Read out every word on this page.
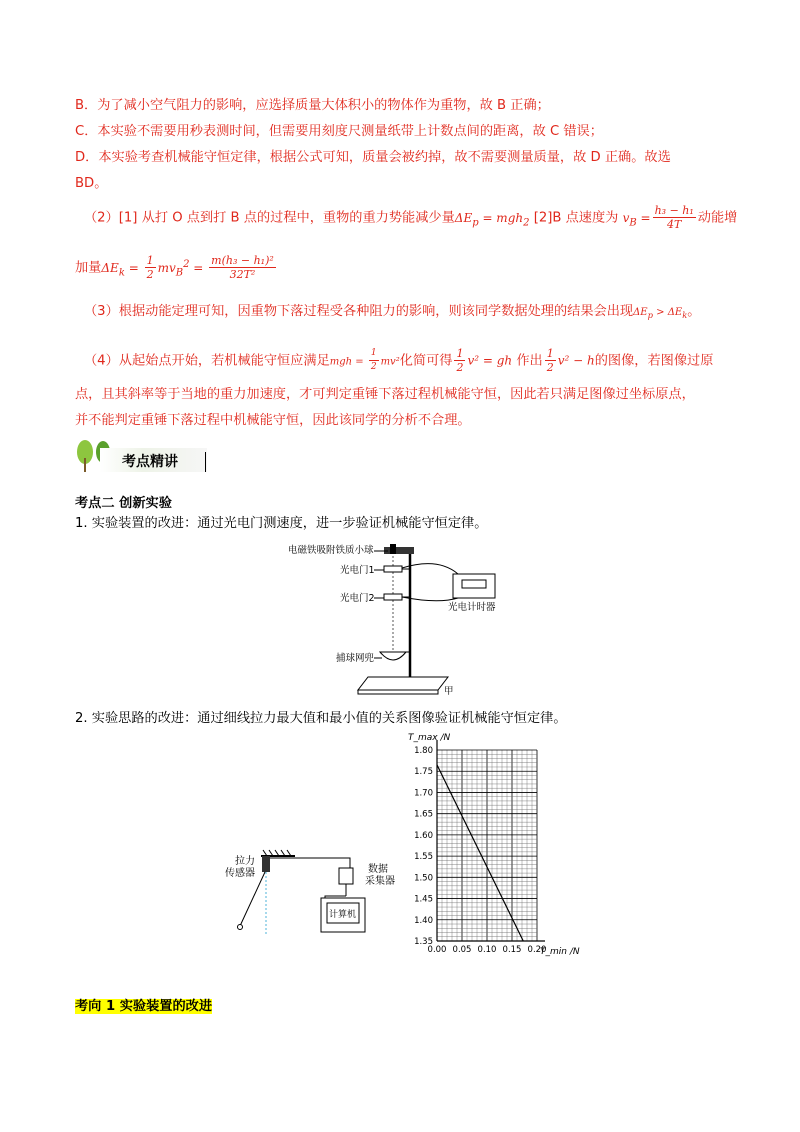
B．为了减小空气阻力的影响，应选择质量大体积小的物体作为重物，故 B 正确；
C．本实验不需要用秒表测时间，但需要用刻度尺测量纸带上计数点间的距离，故 C 错误；
D．本实验考查机械能守恒定律，根据公式可知，质量会被约掉，故不需要测量质量，故 D 正确。故选
BD。
（2）[1] 从打 O 点到打 B 点的过程中，重物的重力势能减少量$\Delta E_p = mgh_2$ [2]B 点速度为 $v_B = \frac{\text{h₃ − h₁}}{4T}$ 动能增
加量$\Delta E_k = \frac{1}{2} mv_B^2 = \frac{\text{m(h₃ − h₁)²}}{\text{32T²}}$
（3）根据动能定理可知，因重物下落过程受各种阻力的影响，则该同学数据处理的结果会出现$\Delta E_p > \Delta E_k$。
（4）从起始点开始，若机械能守恒应满足mgh = $\frac{1}{2} mv^2$化简可得 $\frac{1}{2} v^2$ = gh 作出 $\frac{1}{2} v^2 - h$的图像，若图像过原
点，且其斜率等于当地的重力加速度，才可判定重锤下落过程机械能守恒，因此若只满足图像过坐标原点，
并不能判定重锤下落过程中机械能守恒，因此该同学的分析不合理。
考点精讲
考点二 创新实验
1. 实验装置的改进：通过光电门测速度，进一步验证机械能守恒定律。
电磁铁吸附铁质小球
光电门1
光电门2
光电计时器
捕球网兜
甲
2. 实验思路的改进：通过细线拉力最大值和最小值的关系图像验证机械能守恒定律。
拉力
传感器	数据
采集器
计算机
1.35
1.40
1.45
1.50
1.55
1.60
1.65
1.70
1.75
1.80
0.00 0.05 0.10 0.15 0.20
T_max /N
T_min /N
考向 1 实验装置的改进
